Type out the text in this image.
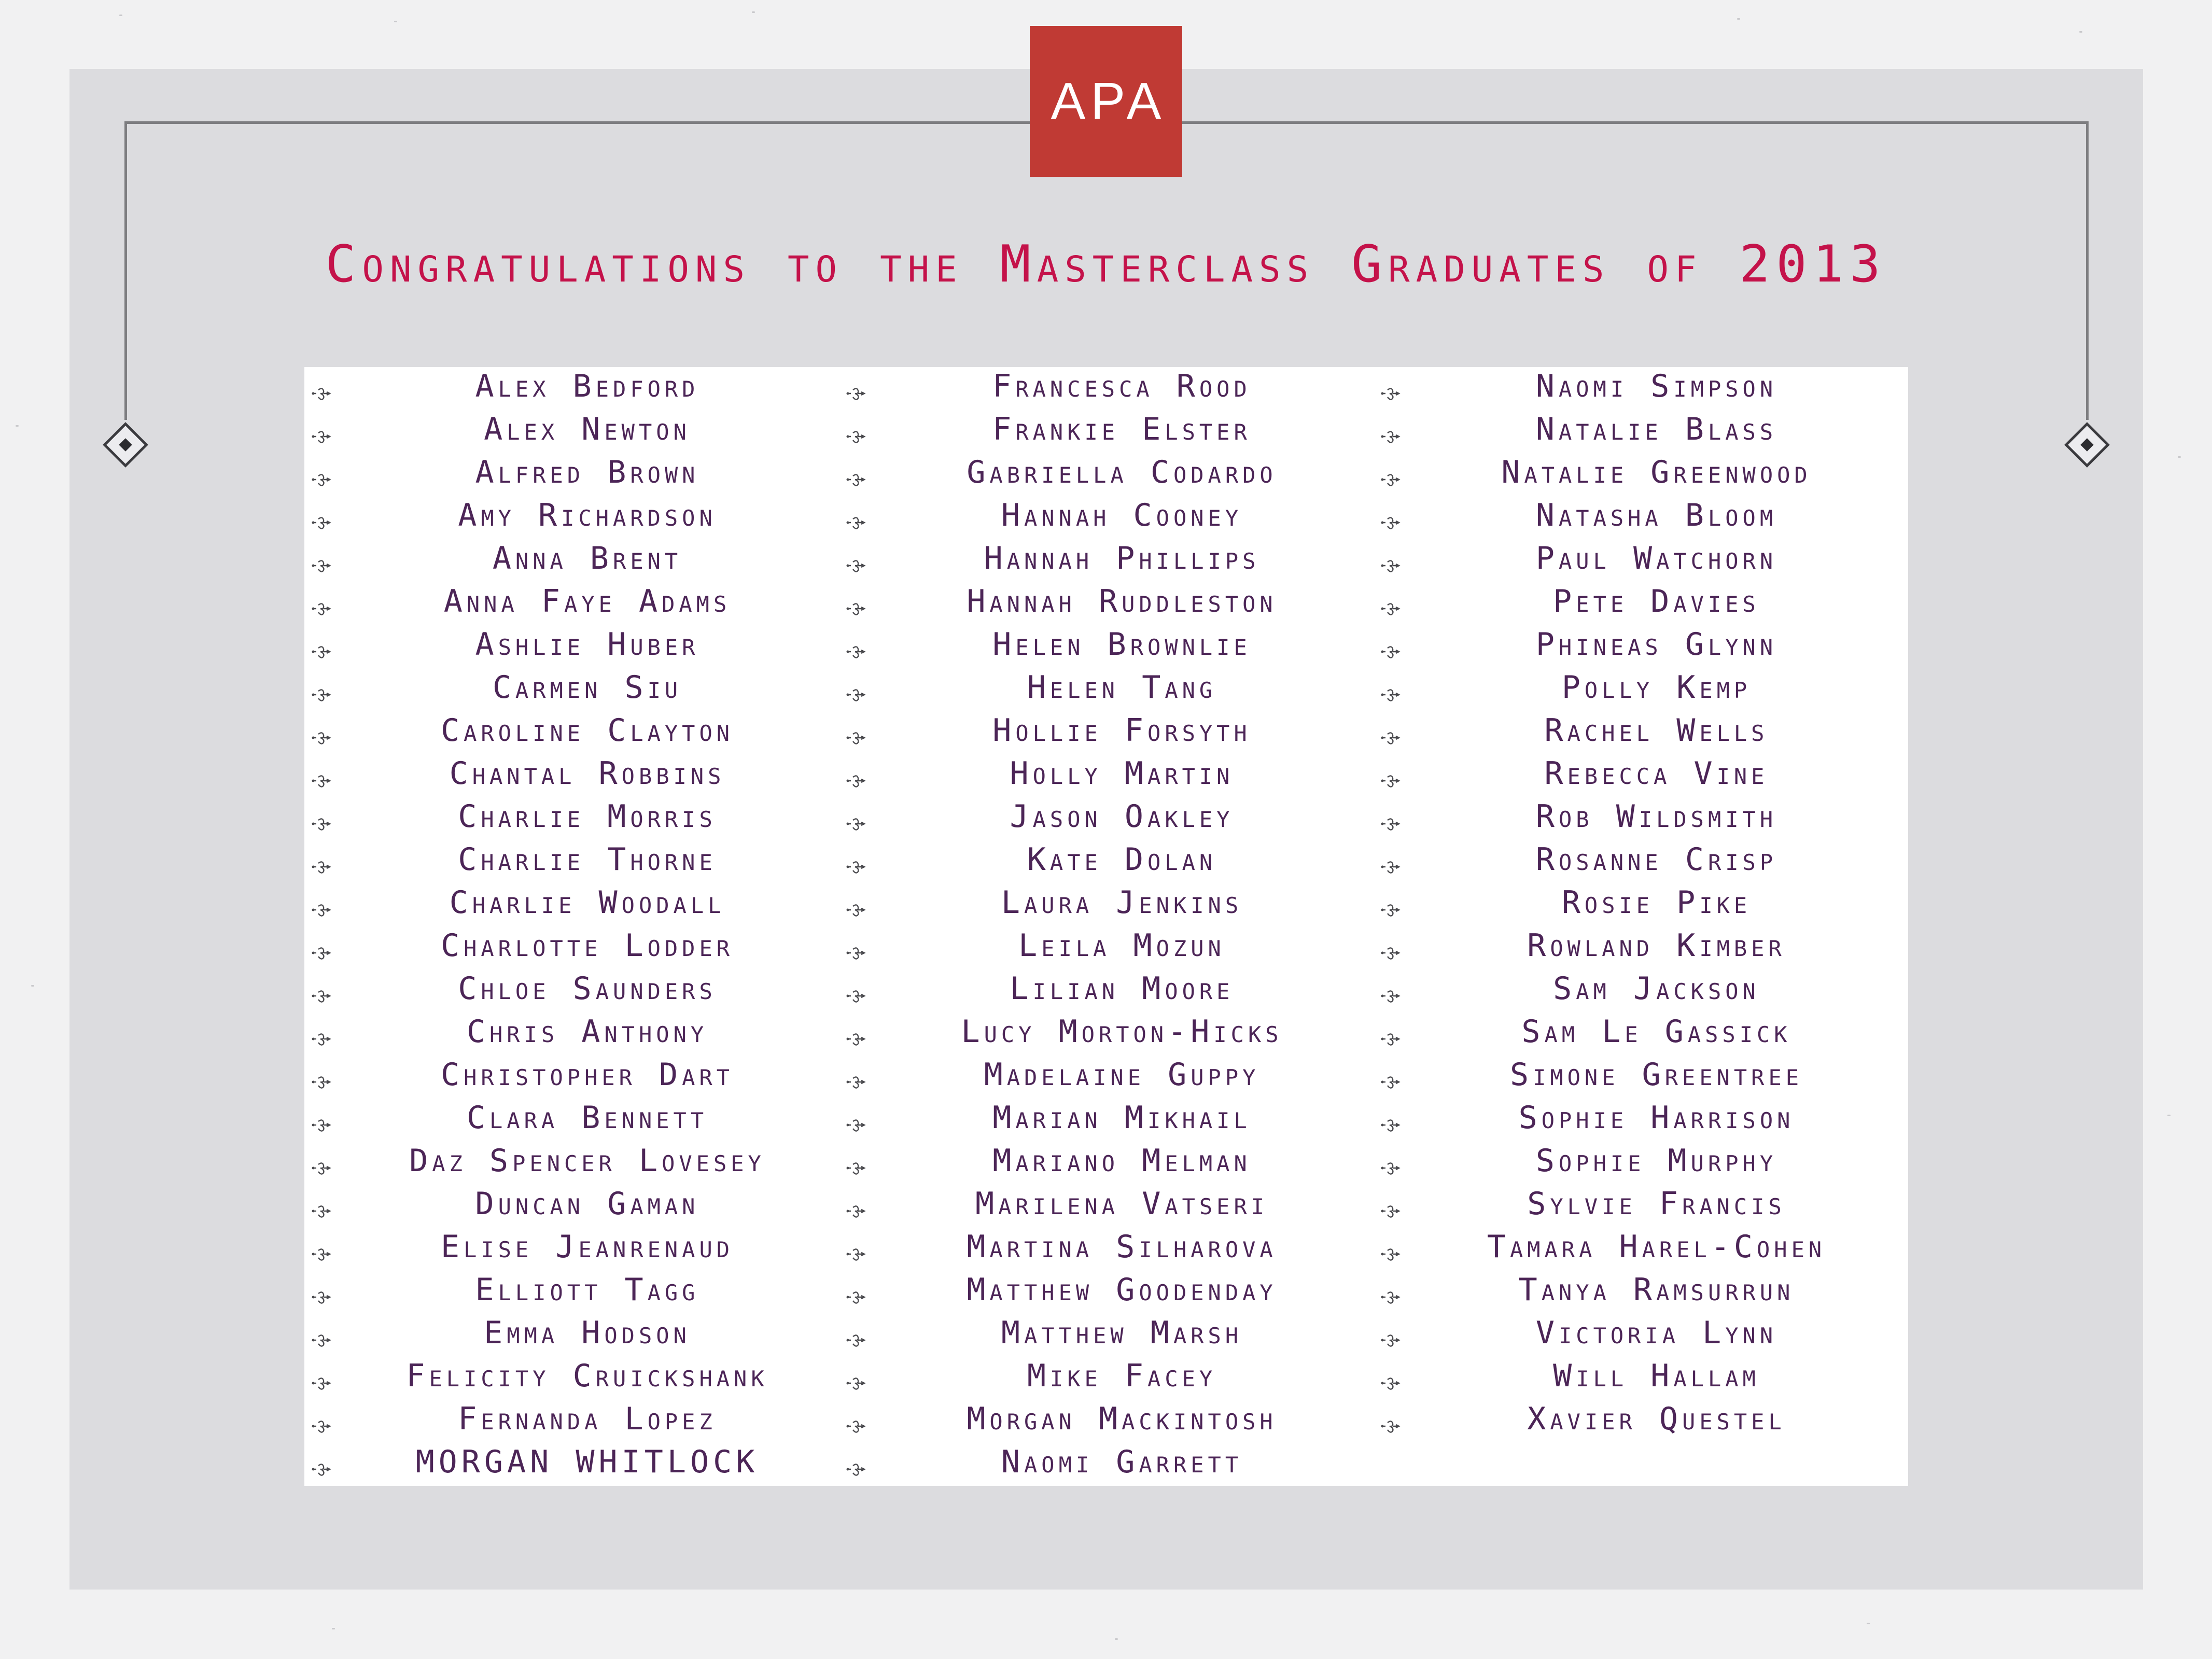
APA
Congratulations to the Masterclass Graduates of 2013
Alex Bedford
Alex Newton
Alfred Brown
Amy Richardson
Anna Brent
Anna Faye Adams
Ashlie Huber
Carmen Siu
Caroline Clayton
Chantal Robbins
Charlie Morris
Charlie Thorne
Charlie Woodall
Charlotte Lodder
Chloe Saunders
Chris Anthony
Christopher Dart
Clara Bennett
Daz Spencer Lovesey
Duncan Gaman
Elise Jeanrenaud
Elliott Tagg
Emma Hodson
Felicity Cruickshank
Fernanda Lopez
MORGAN WHITLOCK
Francesca Rood
Frankie Elster
Gabriella Codardo
Hannah Cooney
Hannah Phillips
Hannah Ruddleston
Helen Brownlie
Helen Tang
Hollie Forsyth
Holly Martin
Jason Oakley
Kate Dolan
Laura Jenkins
Leila Mozun
Lilian Moore
Lucy Morton-Hicks
Madelaine Guppy
Marian Mikhail
Mariano Melman
Marilena Vatseri
Martina Silharova
Matthew Goodenday
Matthew Marsh
Mike Facey
Morgan Mackintosh
Naomi Garrett
Naomi Simpson
Natalie Blass
Natalie Greenwood
Natasha Bloom
Paul Watchorn
Pete Davies
Phineas Glynn
Polly Kemp
Rachel Wells
Rebecca Vine
Rob Wildsmith
Rosanne Crisp
Rosie Pike
Rowland Kimber
Sam Jackson
Sam Le Gassick
Simone Greentree
Sophie Harrison
Sophie Murphy
Sylvie Francis
Tamara Harel-Cohen
Tanya Ramsurrun
Victoria Lynn
Will Hallam
Xavier Questel
